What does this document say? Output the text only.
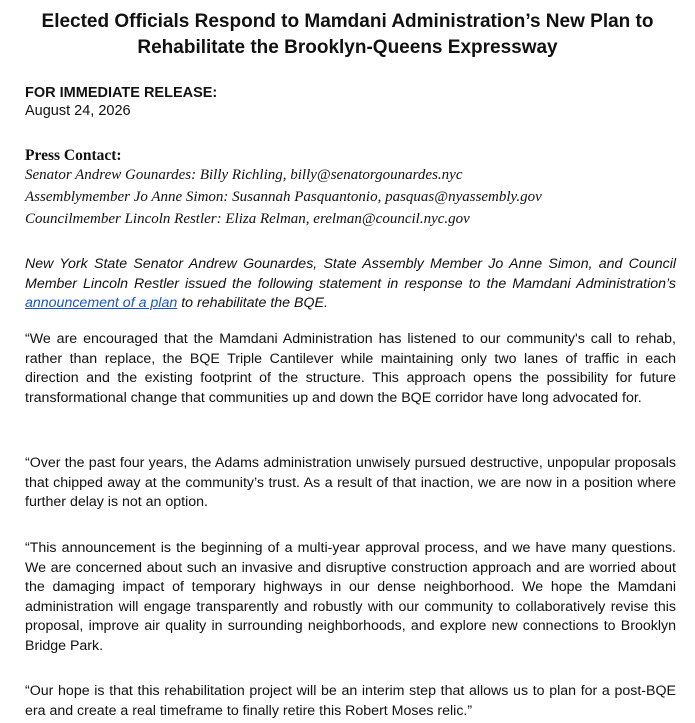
Elected Officials Respond to Mamdani Administration’s New Plan to Rehabilitate the Brooklyn-Queens Expressway
FOR IMMEDIATE RELEASE:
August 24, 2026
Press Contact:
Senator Andrew Gounardes: Billy Richling, billy@senatorgounardes.nyc
Assemblymember Jo Anne Simon: Susannah Pasquantonio, pasquas@nyassembly.gov
Councilmember Lincoln Restler: Eliza Relman, erelman@council.nyc.gov

New York State Senator Andrew Gounardes, State Assembly Member Jo Anne Simon, and Council Member Lincoln Restler issued the following statement in response to the Mamdani Administration’s announcement of a plan to rehabilitate the BQE.

“We are encouraged that the Mamdani Administration has listened to our community's call to rehab, rather than replace, the BQE Triple Cantilever while maintaining only two lanes of traffic in each direction and the existing footprint of the structure. This approach opens the possibility for future transformational change that communities up and down the BQE corridor have long advocated for.

“Over the past four years, the Adams administration unwisely pursued destructive, unpopular proposals that chipped away at the community’s trust. As a result of that inaction, we are now in a position where further delay is not an option.

“This announcement is the beginning of a multi-year approval process, and we have many questions. We are concerned about such an invasive and disruptive construction approach and are worried about the damaging impact of temporary highways in our dense neighborhood. We hope the Mamdani administration will engage transparently and robustly with our community to collaboratively revise this proposal, improve air quality in surrounding neighborhoods, and explore new connections to Brooklyn Bridge Park.

“Our hope is that this rehabilitation project will be an interim step that allows us to plan for a post-BQE era and create a real timeframe to finally retire this Robert Moses relic.”
